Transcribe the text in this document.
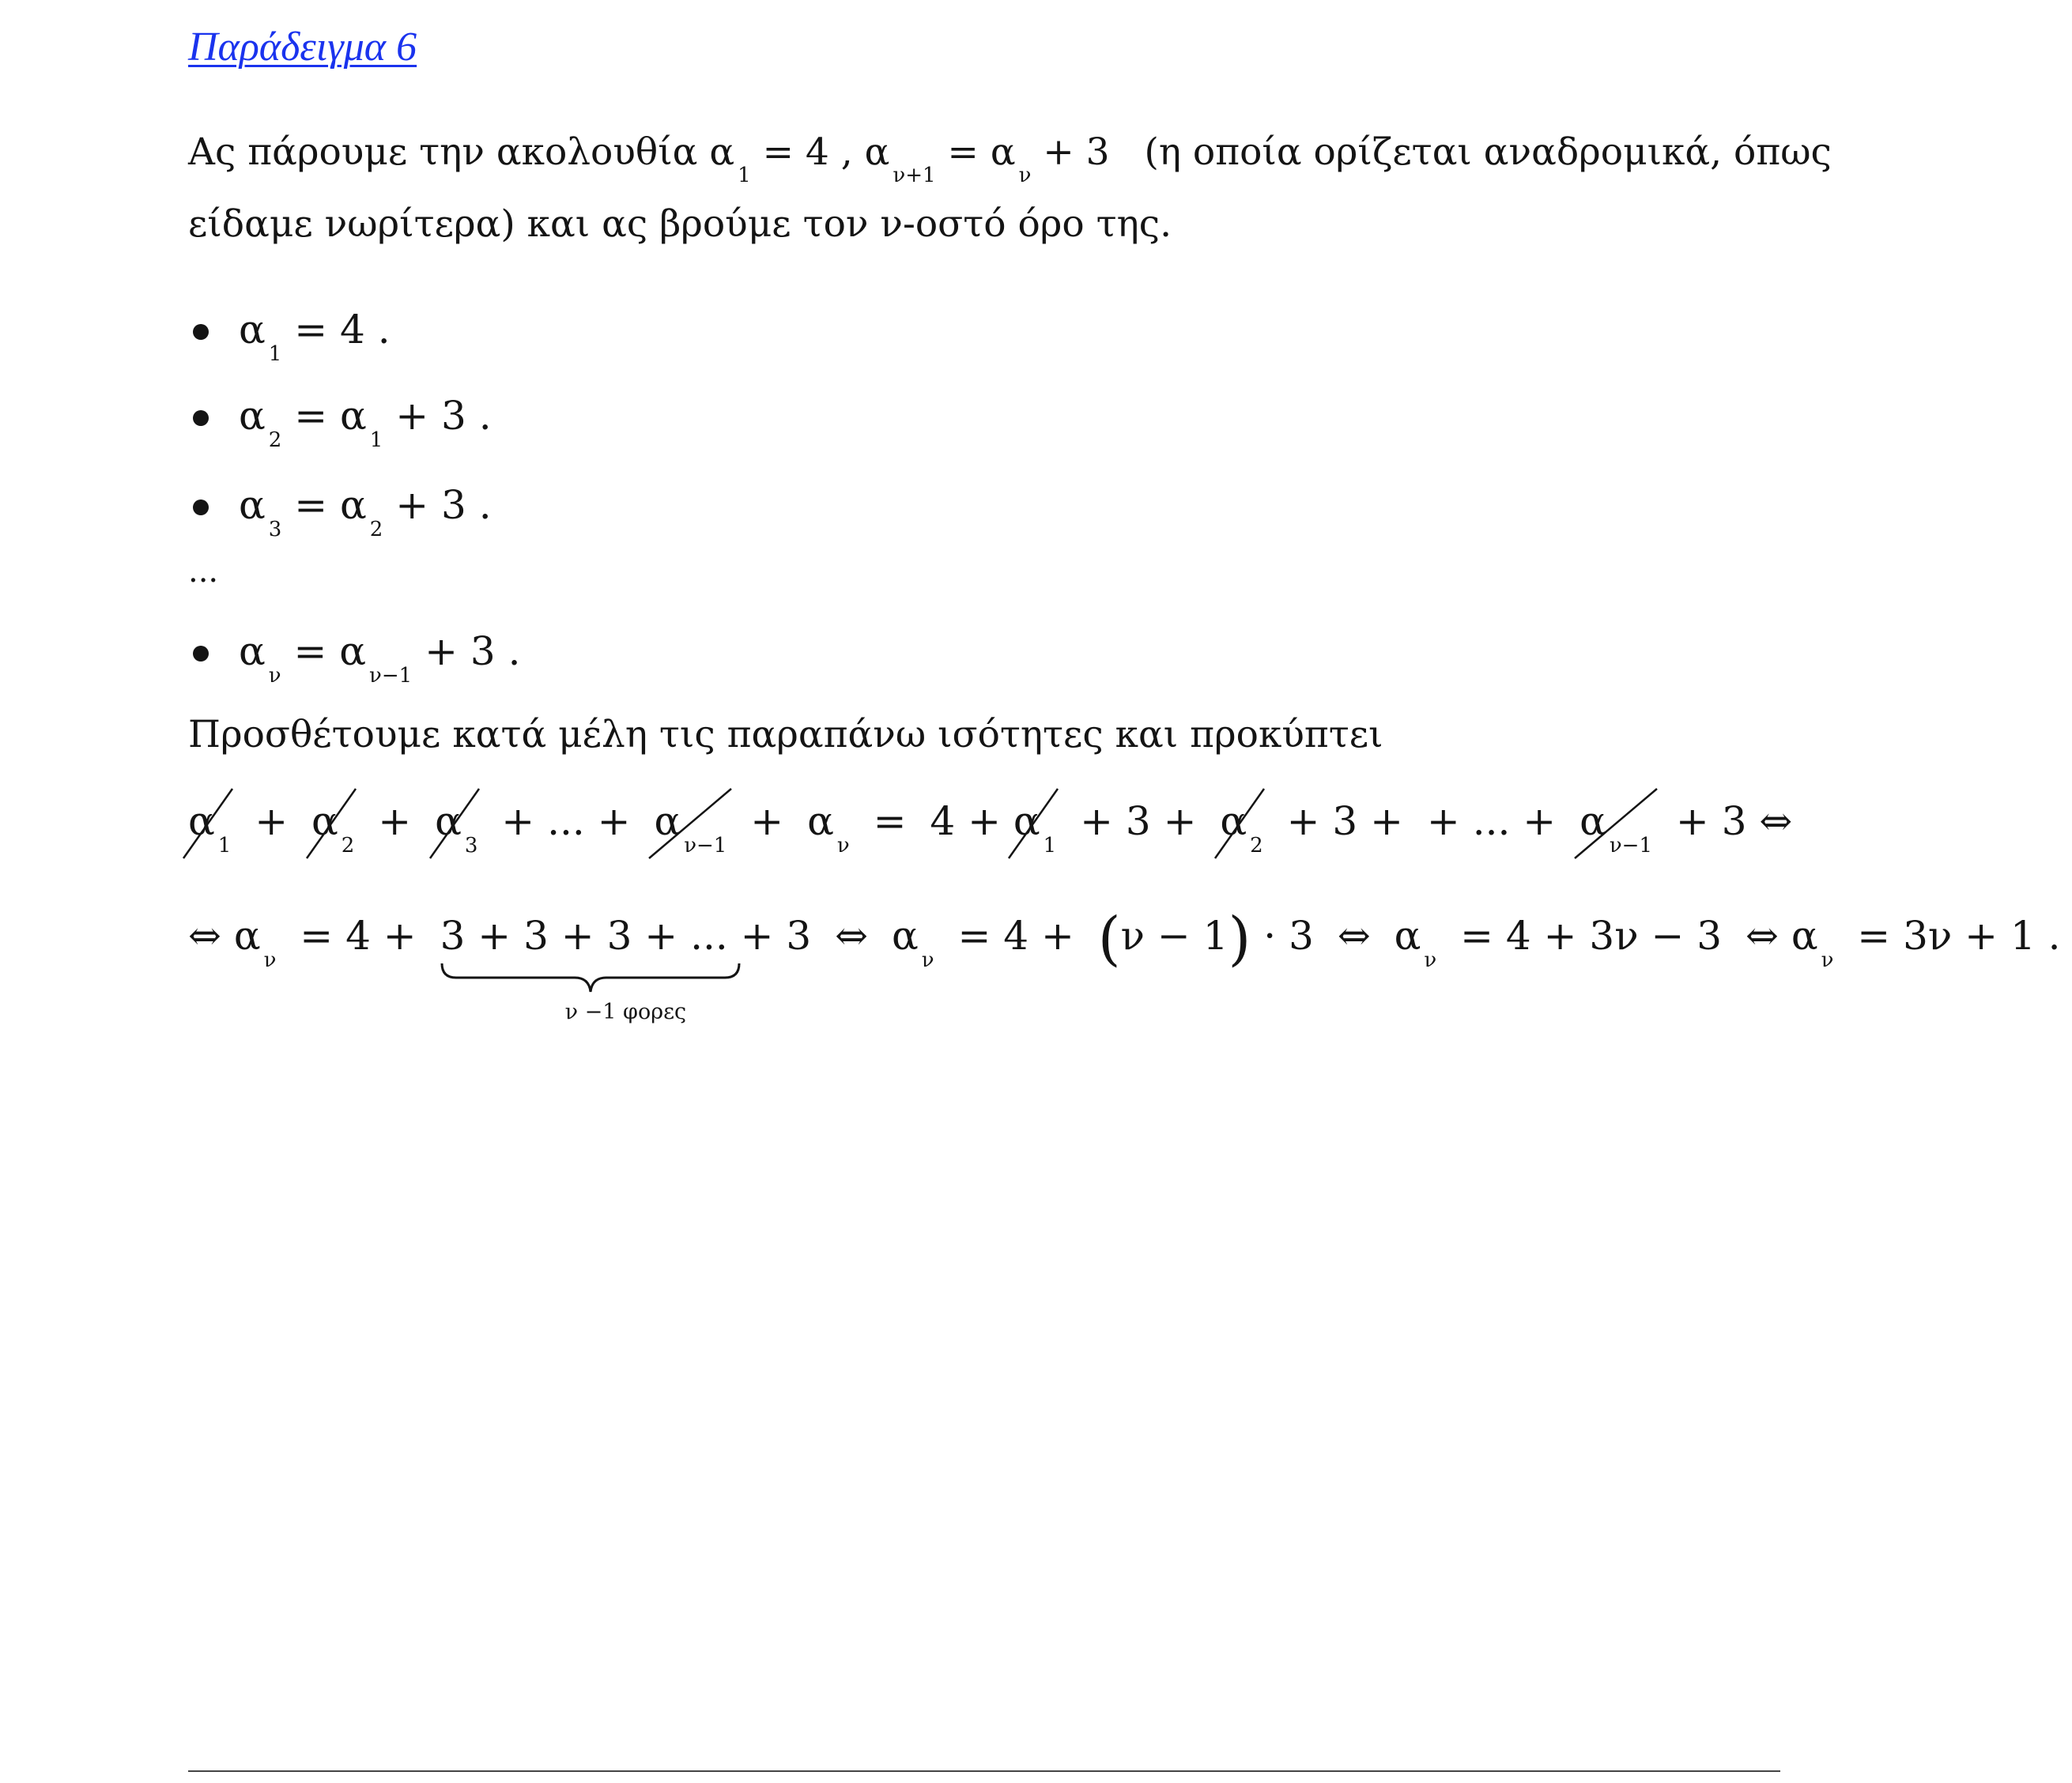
Παράδειγμα 6
Ας πάρουμε την ακολουθία $\alpha_1 = 4$ , $\alpha_{\nu+1} = \alpha_\nu + 3$ (η οποία ορίζεται αναδρομικά, όπως
είδαμε νωρίτερα) και ας βρούμε τον ν-οστό όρο της.
$\alpha_1 = 4$ .
$\alpha_2 = \alpha_1 + 3$ .
$\alpha_3 = \alpha_2 + 3$ .
...
$\alpha_\nu = \alpha_{\nu-1} + 3$ .
Προσθέτουμε κατά μέλη τις παραπάνω ισότητες και προκύπτει
$\alpha_1$
+ $\alpha_2$
+ $\alpha_3$
+ ... + $\alpha_{\nu-1}$
+ $\alpha_\nu = 4 + \alpha_1$
+ $3 + \alpha_2$
+ 3 + + ... + $\alpha_{\nu-1}$
+ 3 ⇔
⇔ $\alpha_\nu = 4 + 3 + 3 + 3$ + ... + 3
ν −1 φορες
⇔ $\alpha_\nu = 4 + (\nu - 1) \cdot 3$ ⇔ $\alpha_\nu = 4 + 3\nu - 3$ ⇔ $\alpha_\nu = 3\nu + 1$ .
